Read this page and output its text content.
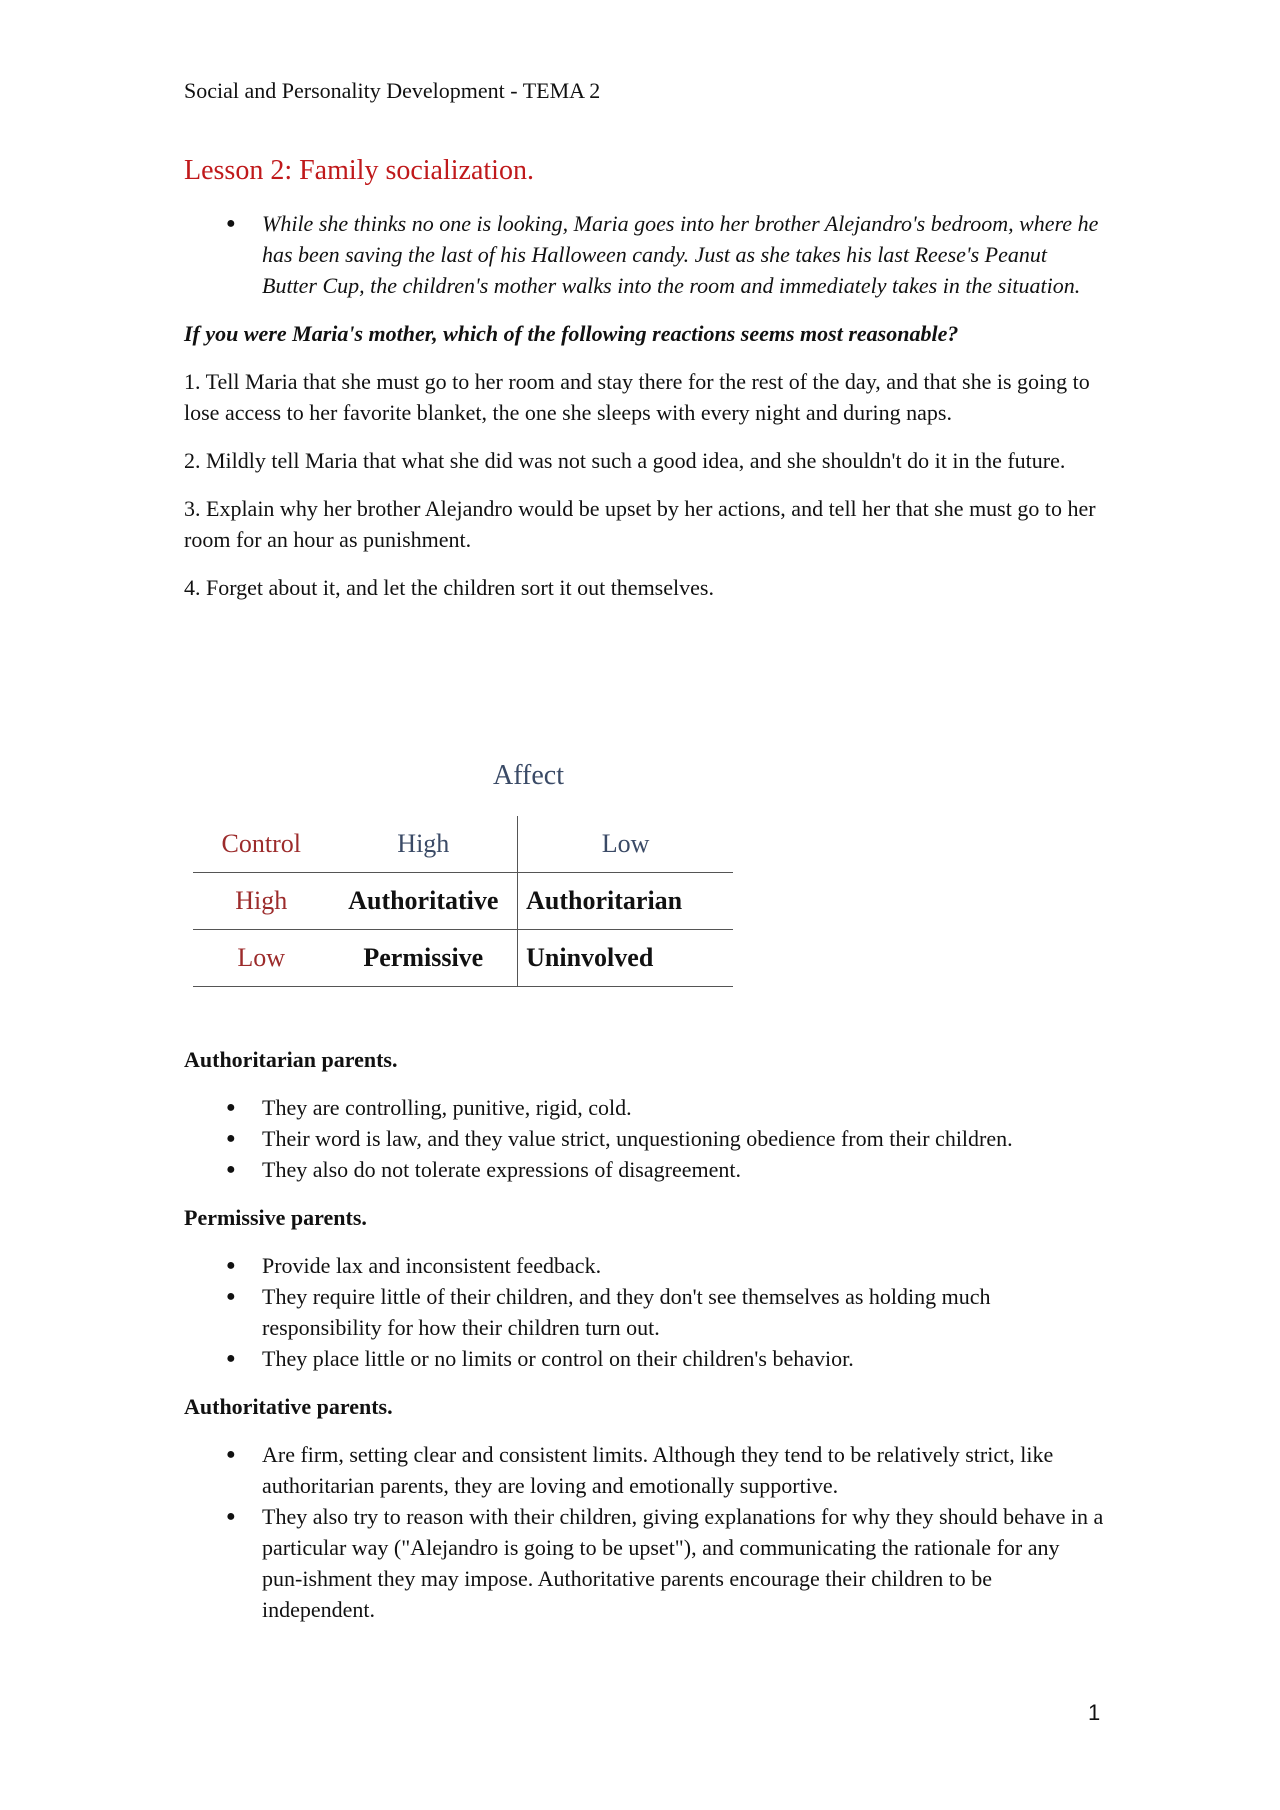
Social and Personality Development - TEMA 2
Lesson 2: Family socialization.
● While she thinks no one is looking, Maria goes into her brother Alejandro's bedroom, where he has been saving the last of his Halloween candy. Just as she takes his last Reese's Peanut Butter Cup, the children's mother walks into the room and immediately takes in the situation.
If you were Maria's mother, which of the following reactions seems most reasonable?
1. Tell Maria that she must go to her room and stay there for the rest of the day, and that she is going to lose access to her favorite blanket, the one she sleeps with every night and during naps.
2. Mildly tell Maria that what she did was not such a good idea, and she shouldn't do it in the future.
3. Explain why her brother Alejandro would be upset by her actions, and tell her that she must go to her room for an hour as punishment.
4. Forget about it, and let the children sort it out themselves.
Affect
Control	High	Low
High	Authoritative	Authoritarian
Low	Permissive	Uninvolved
Authoritarian parents.
● They are controlling, punitive, rigid, cold.
● Their word is law, and they value strict, unquestioning obedience from their children.
● They also do not tolerate expressions of disagreement.
Permissive parents.
● Provide lax and inconsistent feedback.
● They require little of their children, and they don't see themselves as holding much responsibility for how their children turn out.
● They place little or no limits or control on their children's behavior.
Authoritative parents.
● Are firm, setting clear and consistent limits. Although they tend to be relatively strict, like authoritarian parents, they are loving and emotionally supportive.
● They also try to reason with their children, giving explanations for why they should behave in a particular way ("Alejandro is going to be upset"), and communicating the rationale for any pun-ishment they may impose. Authoritative parents encourage their children to be independent.
1
